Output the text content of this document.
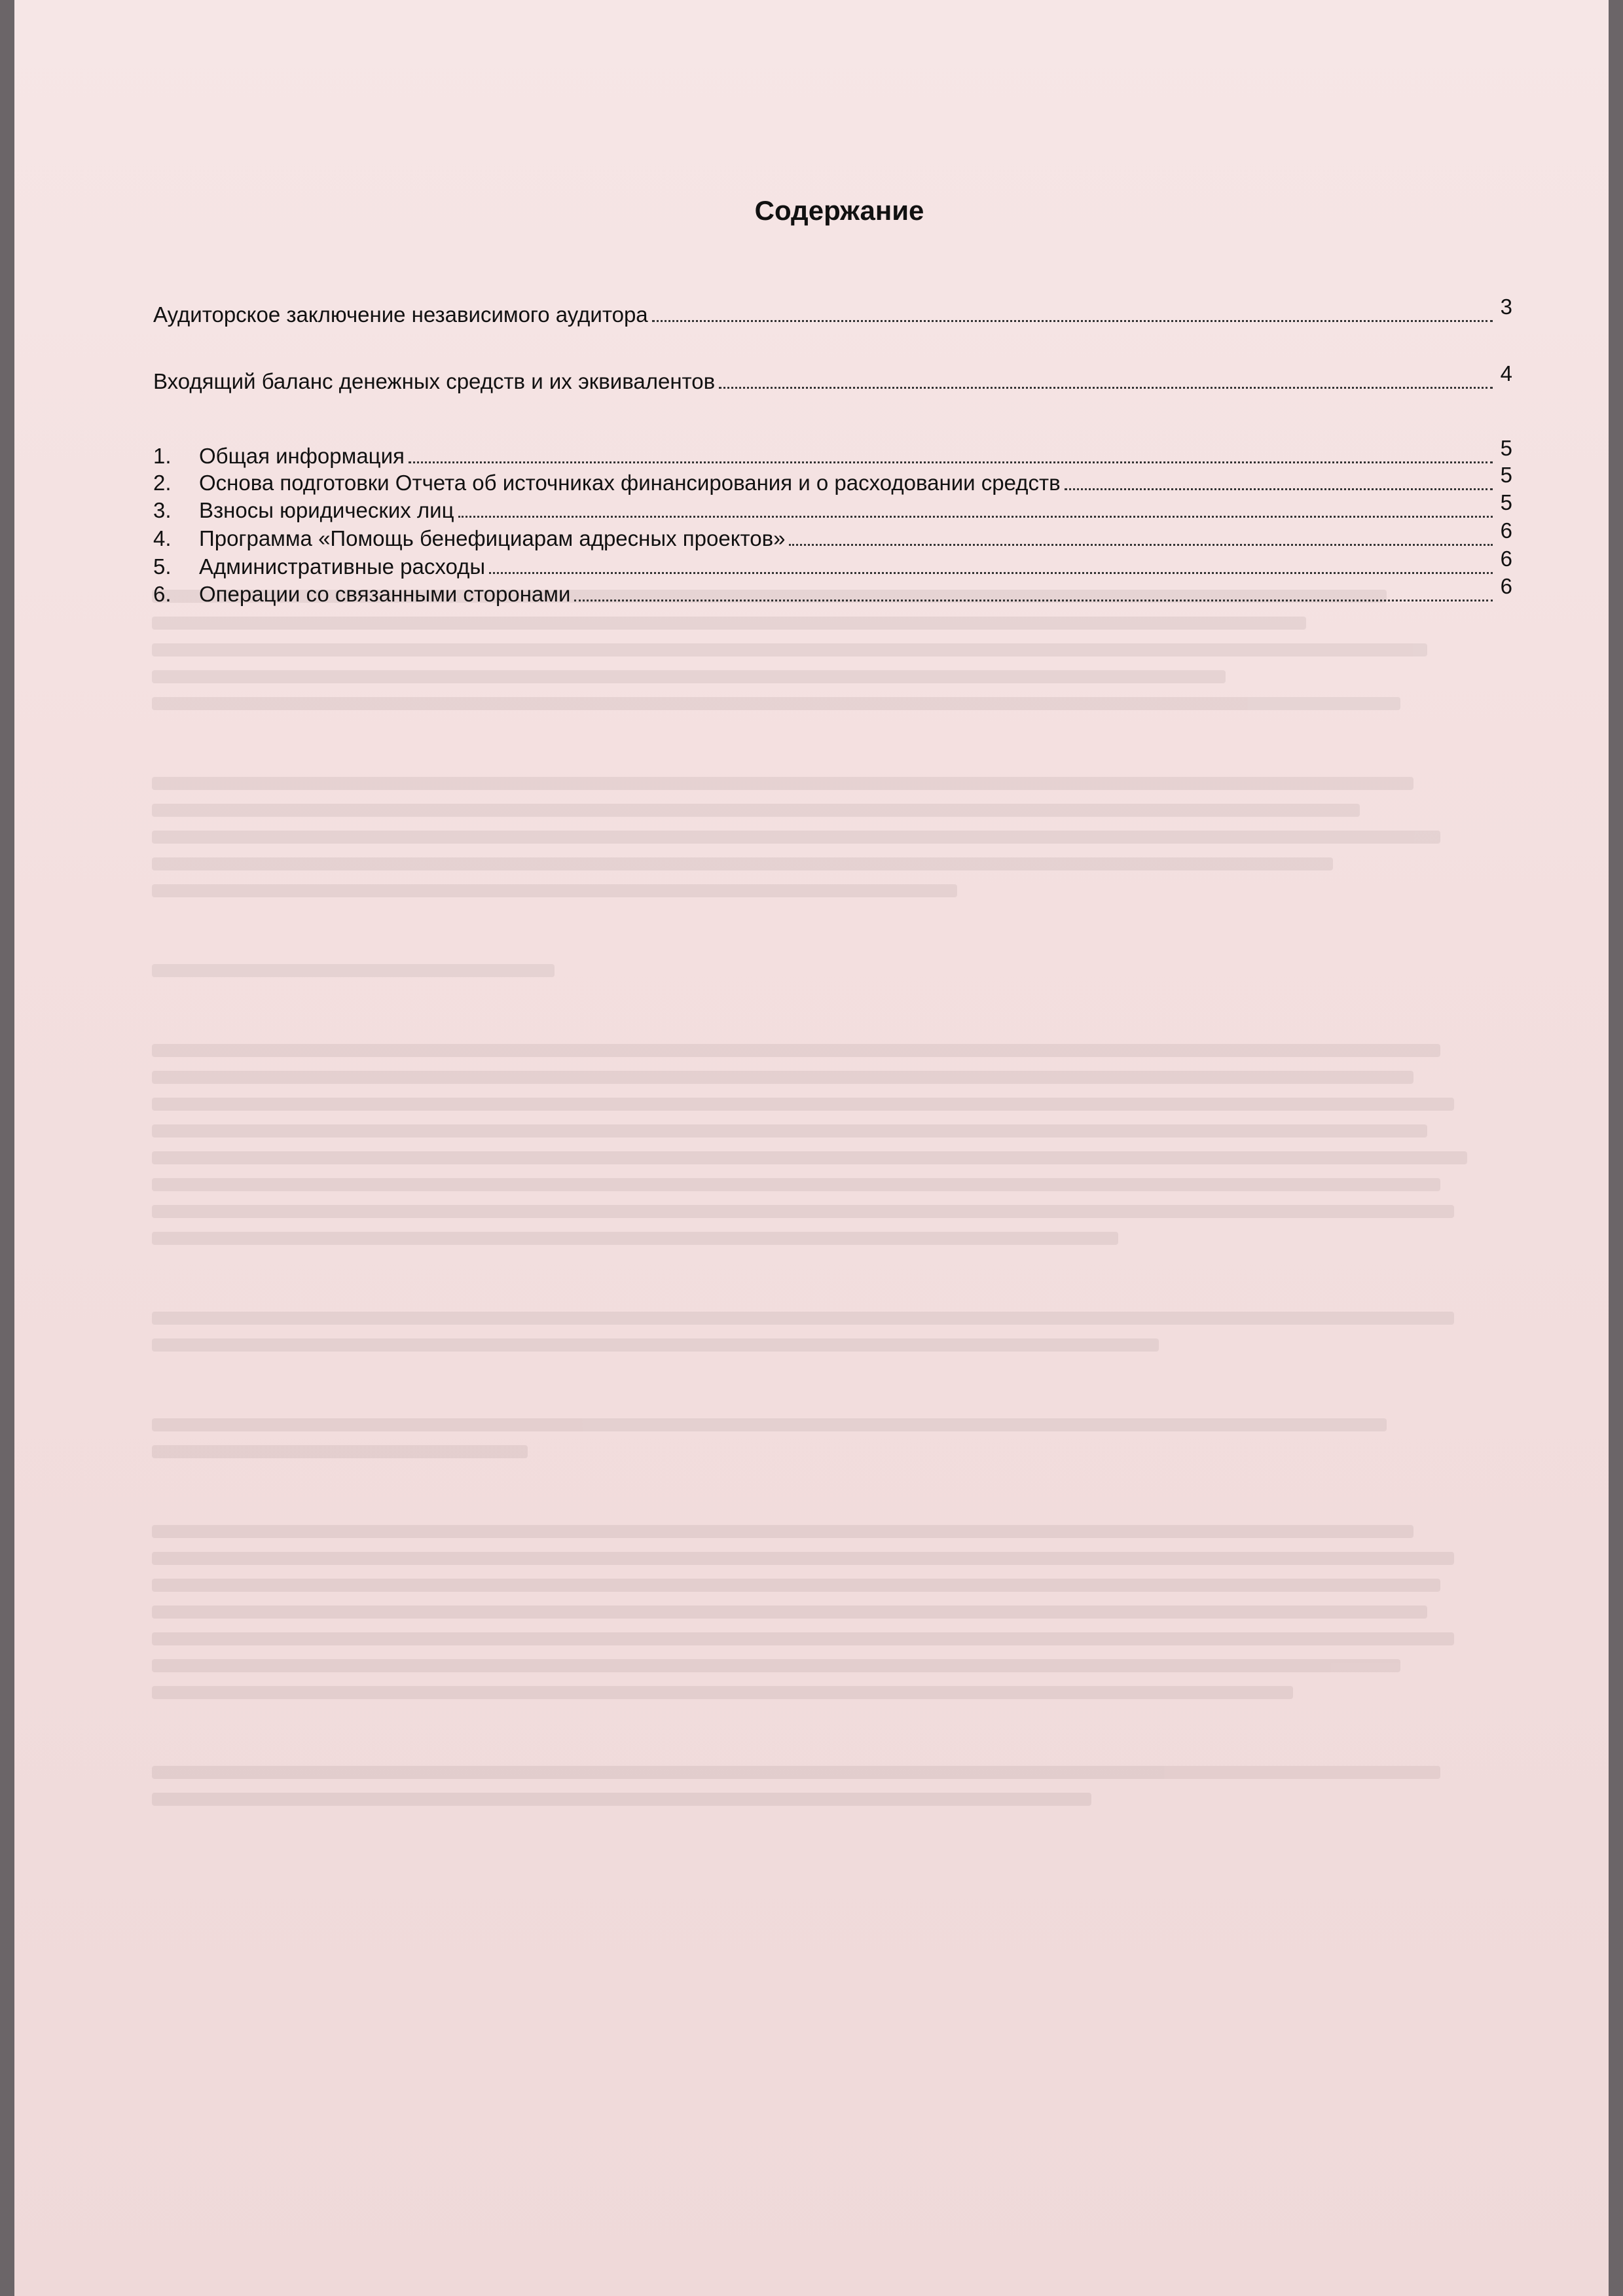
Содержание
Аудиторское заключение независимого аудитора	3
Входящий баланс денежных средств и их эквивалентов	4
1.	Общая информация	5
2.	Основа подготовки Отчета об источниках финансирования и о расходовании средств	5
3.	Взносы юридических лиц	5
4.	Программа «Помощь бенефициарам адресных проектов»	6
5.	Административные расходы	6
6.	Операции со связанными сторонами	6
